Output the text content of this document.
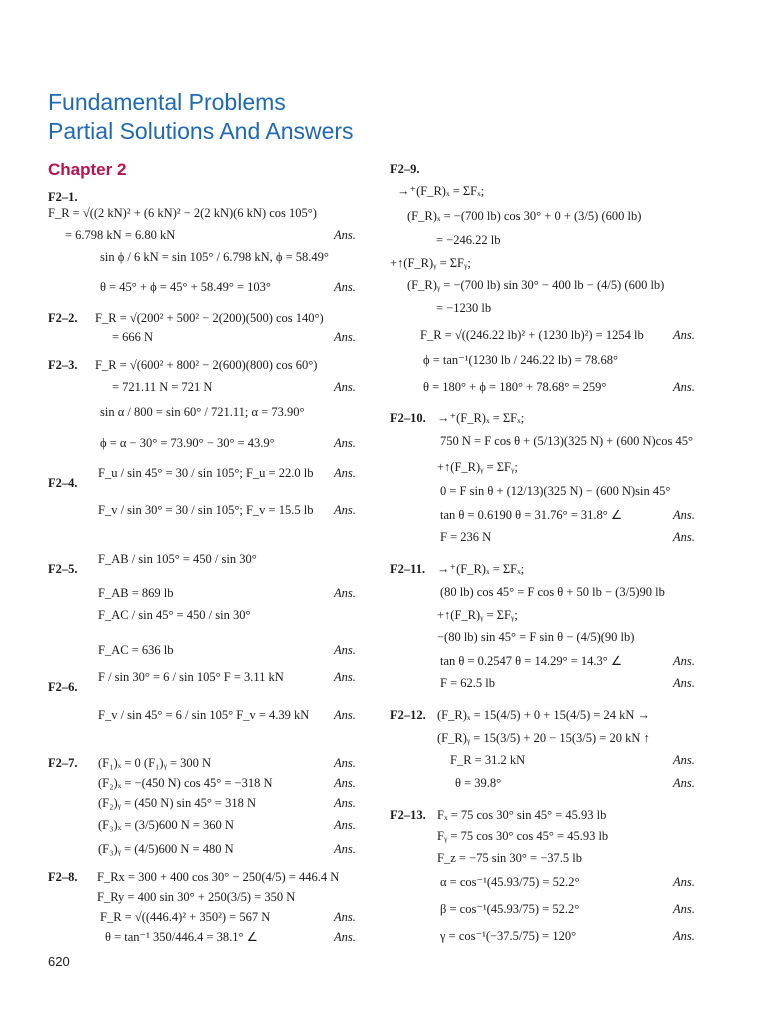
Fundamental Problems
Partial Solutions And Answers
Chapter 2
F2–1.
F_R = √((2 kN)² + (6 kN)² − 2(2 kN)(6 kN) cos 105°)
= 6.798 kN = 6.80 kN	Ans.
sin ϕ / 6 kN = sin 105° / 6.798 kN, ϕ = 58.49°
θ = 45° + ϕ = 45° + 58.49° = 103°	Ans.
F2–2. F_R = √(200² + 500² − 2(200)(500) cos 140°)
= 666 N	Ans.
F2–3. F_R = √(600² + 800² − 2(600)(800) cos 60°)
= 721.11 N = 721 N	Ans.
sin α / 800 = sin 60° / 721.11; α = 73.90°
ϕ = α − 30° = 73.90° − 30° = 43.9°	Ans.
F2–4.
F_u / sin 45° = 30 / sin 105°; F_u = 22.0 lb Ans.
F_v / sin 30° = 30 / sin 105°; F_v = 15.5 lb Ans.
F2–5.
F_AB / sin 105° = 450 / sin 30°
F_AB = 869 lb	Ans.
F_AC / sin 45° = 450 / sin 30°
F_AC = 636 lb	Ans.
F2–6.
F / sin 30° = 6 / sin 105° F = 3.11 kN	Ans.
F_v / sin 45° = 6 / sin 105° F_v = 4.39 kN Ans.
F2–7. (F₁)ₓ = 0 (F₁)ᵧ = 300 N	Ans.
(F₂)ₓ = −(450 N) cos 45° = −318 N	Ans.
(F₂)ᵧ = (450 N) sin 45° = 318 N	Ans.
(F₃)ₓ = (3/5)600 N = 360 N	Ans.
(F₃)ᵧ = (4/5)600 N = 480 N	Ans.
F2–8. F_Rx = 300 + 400 cos 30° − 250(4/5) = 446.4 N
F_Ry = 400 sin 30° + 250(3/5) = 350 N
F_R = √((446.4)² + 350²) = 567 N	Ans.
θ = tan⁻¹ 350/446.4 = 38.1° ∠	Ans.
F2–9.
→⁺(F_R)ₓ = ΣFₓ;
(F_R)ₓ = −(700 lb) cos 30° + 0 + (3/5) (600 lb)
= −246.22 lb
+↑(F_R)ᵧ = ΣFᵧ;
(F_R)ᵧ = −(700 lb) sin 30° − 400 lb − (4/5) (600 lb)
= −1230 lb
F_R = √((246.22 lb)² + (1230 lb)²) = 1254 lb Ans.
ϕ = tan⁻¹(1230 lb / 246.22 lb) = 78.68°
θ = 180° + ϕ = 180° + 78.68° = 259°	Ans.
F2–10. →⁺(F_R)ₓ = ΣFₓ;
750 N = F cos θ + (5/13)(325 N) + (600 N)cos 45°
+↑(F_R)ᵧ = ΣFᵧ;
0 = F sin θ + (12/13)(325 N) − (600 N)sin 45°
tan θ = 0.6190 θ = 31.76° = 31.8° ∠	Ans.
F = 236 N	Ans.
F2–11. →⁺(F_R)ₓ = ΣFₓ;
(80 lb) cos 45° = F cos θ + 50 lb − (3/5)90 lb
+↑(F_R)ᵧ = ΣFᵧ;
−(80 lb) sin 45° = F sin θ − (4/5)(90 lb)
tan θ = 0.2547 θ = 14.29° = 14.3° ∠	Ans.
F = 62.5 lb	Ans.
F2–12. (F_R)ₓ = 15(4/5) + 0 + 15(4/5) = 24 kN →
(F_R)ᵧ = 15(3/5) + 20 − 15(3/5) = 20 kN ↑
F_R = 31.2 kN	Ans.
θ = 39.8°	Ans.
F2–13. Fₓ = 75 cos 30° sin 45° = 45.93 lb
Fᵧ = 75 cos 30° cos 45° = 45.93 lb
F_z = −75 sin 30° = −37.5 lb
α = cos⁻¹(45.93/75) = 52.2°	Ans.
β = cos⁻¹(45.93/75) = 52.2°	Ans.
γ = cos⁻¹(−37.5/75) = 120°	Ans.
620
